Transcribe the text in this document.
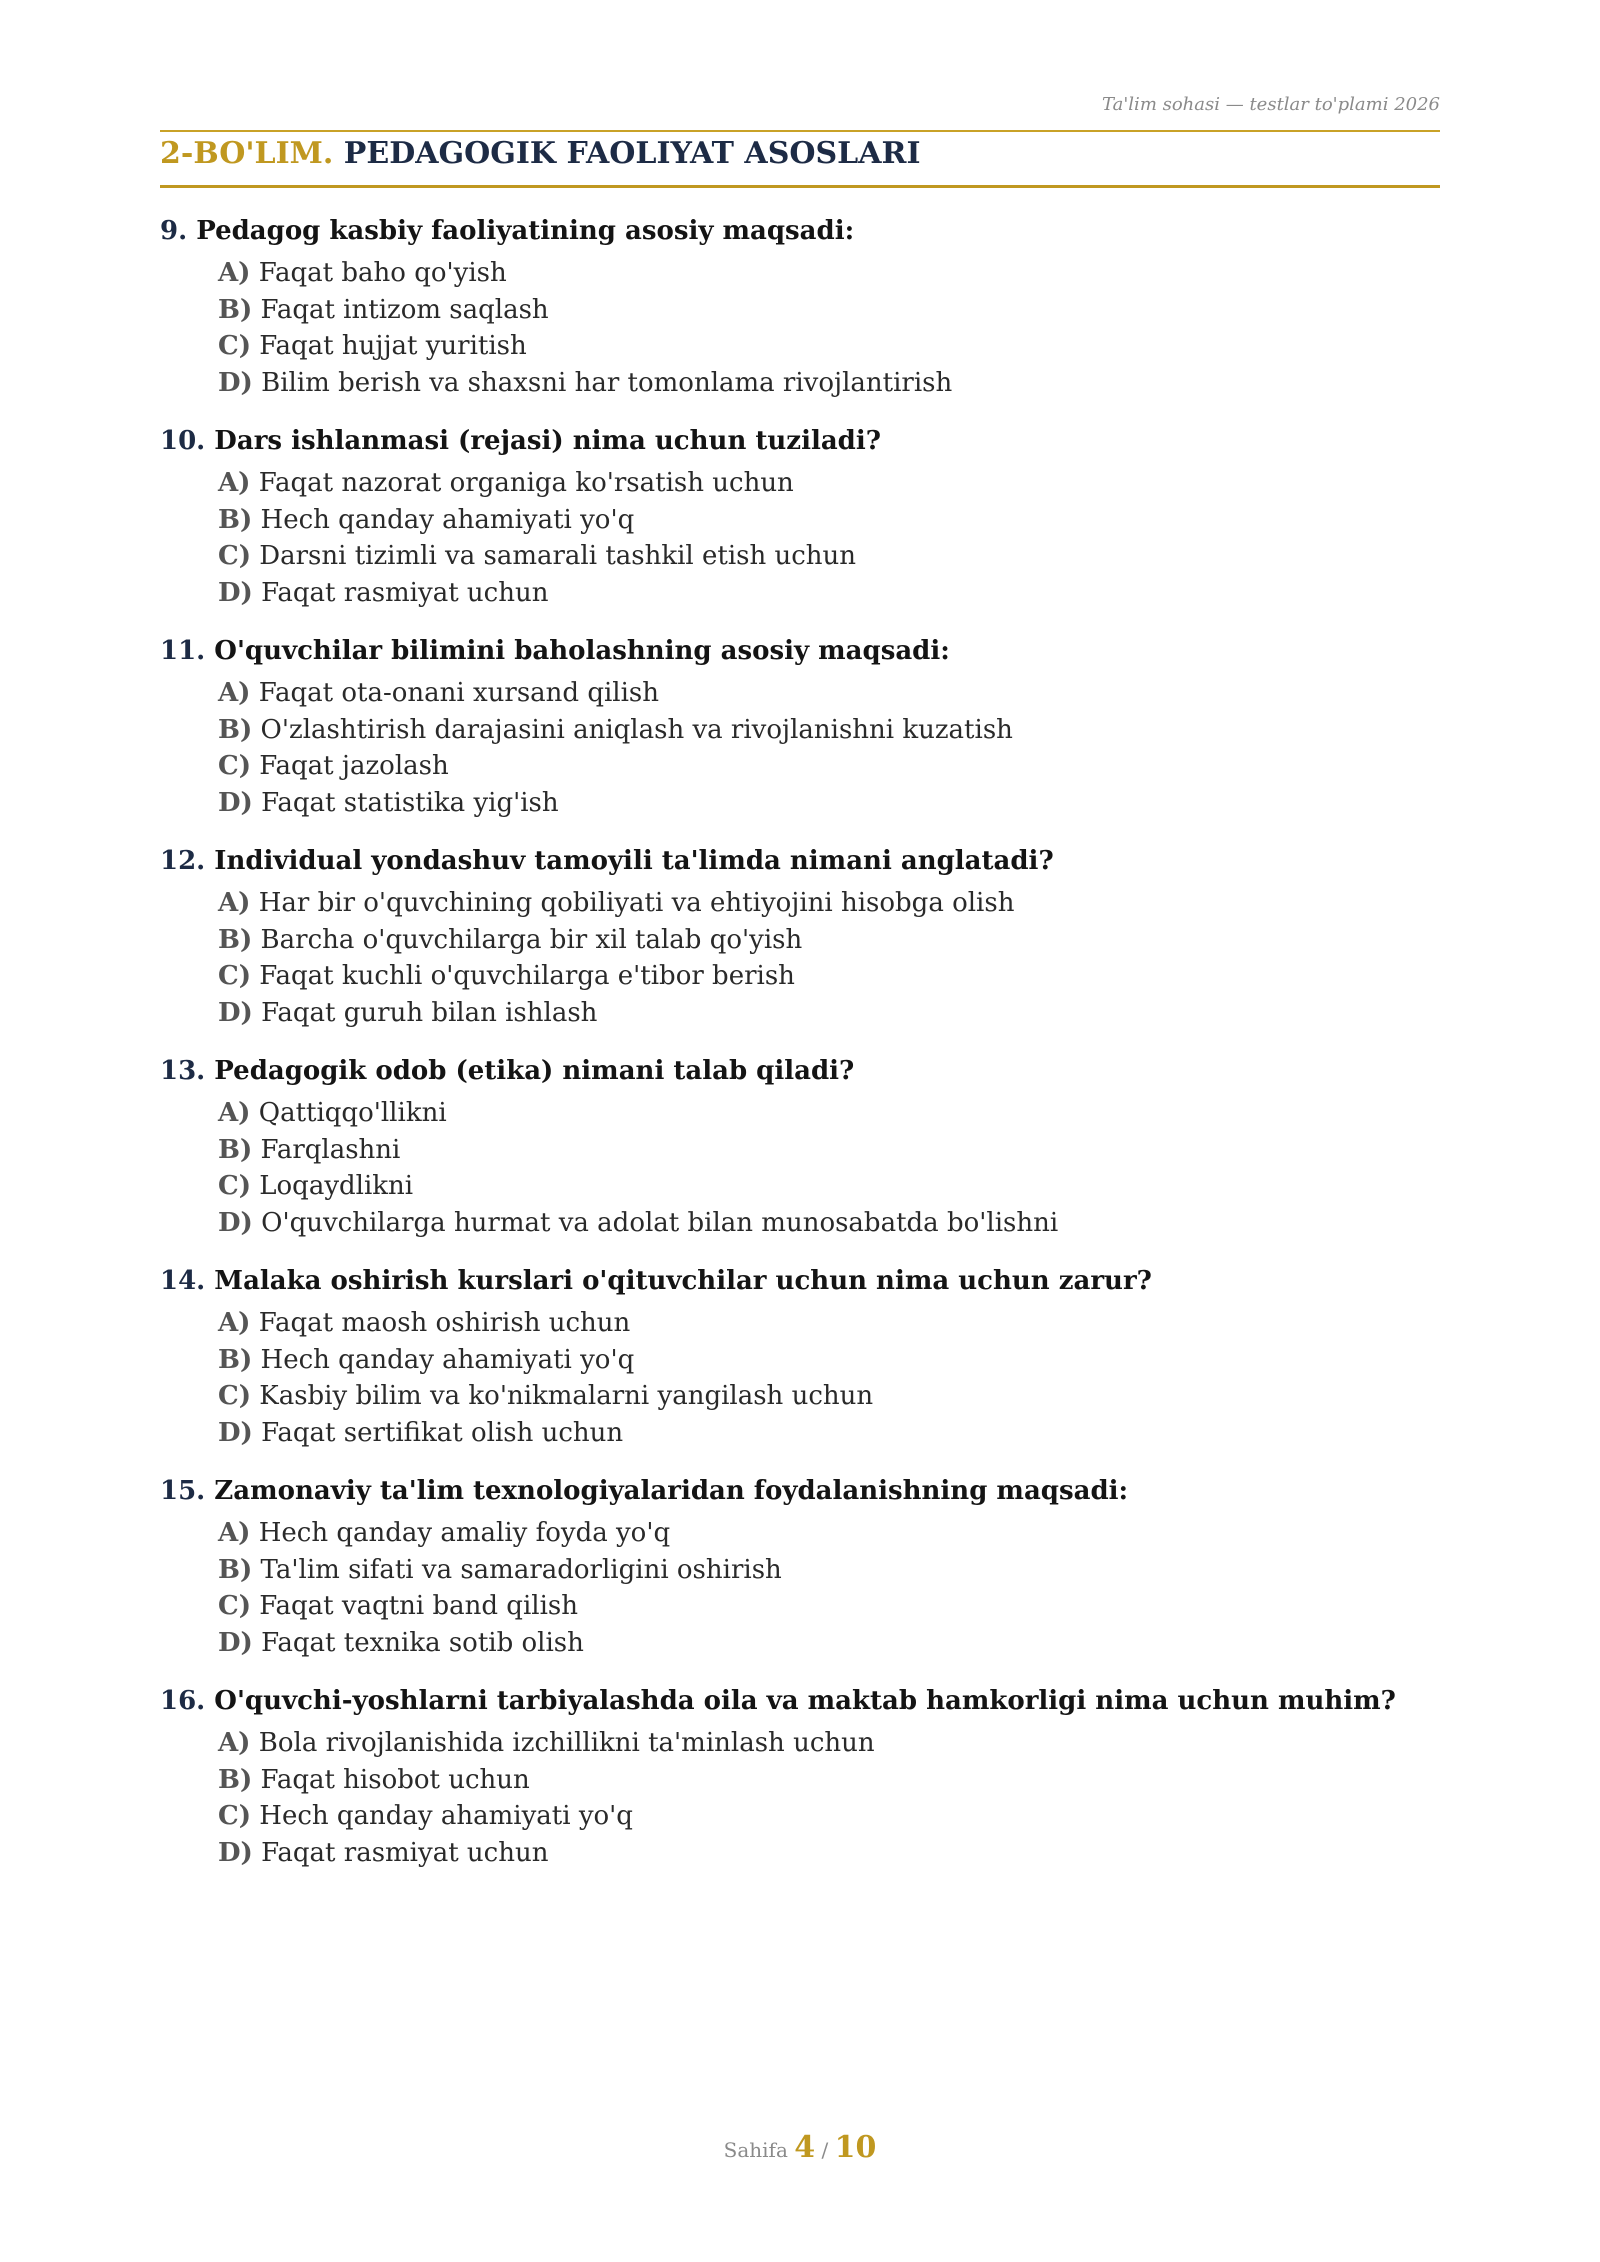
Ta'lim sohasi — testlar to'plami 2026
2-BO'LIM. PEDAGOGIK FAOLIYAT ASOSLARI
9. Pedagog kasbiy faoliyatining asosiy maqsadi:
A) Faqat baho qo'yish
B) Faqat intizom saqlash
C) Faqat hujjat yuritish
D) Bilim berish va shaxsni har tomonlama rivojlantirish
10. Dars ishlanmasi (rejasi) nima uchun tuziladi?
A) Faqat nazorat organiga ko'rsatish uchun
B) Hech qanday ahamiyati yo'q
C) Darsni tizimli va samarali tashkil etish uchun
D) Faqat rasmiyat uchun
11. O'quvchilar bilimini baholashning asosiy maqsadi:
A) Faqat ota-onani xursand qilish
B) O'zlashtirish darajasini aniqlash va rivojlanishni kuzatish
C) Faqat jazolash
D) Faqat statistika yig'ish
12. Individual yondashuv tamoyili ta'limda nimani anglatadi?
A) Har bir o'quvchining qobiliyati va ehtiyojini hisobga olish
B) Barcha o'quvchilarga bir xil talab qo'yish
C) Faqat kuchli o'quvchilarga e'tibor berish
D) Faqat guruh bilan ishlash
13. Pedagogik odob (etika) nimani talab qiladi?
A) Qattiqqo'llikni
B) Farqlashni
C) Loqaydlikni
D) O'quvchilarga hurmat va adolat bilan munosabatda bo'lishni
14. Malaka oshirish kurslari o'qituvchilar uchun nima uchun zarur?
A) Faqat maosh oshirish uchun
B) Hech qanday ahamiyati yo'q
C) Kasbiy bilim va ko'nikmalarni yangilash uchun
D) Faqat sertifikat olish uchun
15. Zamonaviy ta'lim texnologiyalaridan foydalanishning maqsadi:
A) Hech qanday amaliy foyda yo'q
B) Ta'lim sifati va samaradorligini oshirish
C) Faqat vaqtni band qilish
D) Faqat texnika sotib olish
16. O'quvchi-yoshlarni tarbiyalashda oila va maktab hamkorligi nima uchun muhim?
A) Bola rivojlanishida izchillikni ta'minlash uchun
B) Faqat hisobot uchun
C) Hech qanday ahamiyati yo'q
D) Faqat rasmiyat uchun
Sahifa 4 / 10
